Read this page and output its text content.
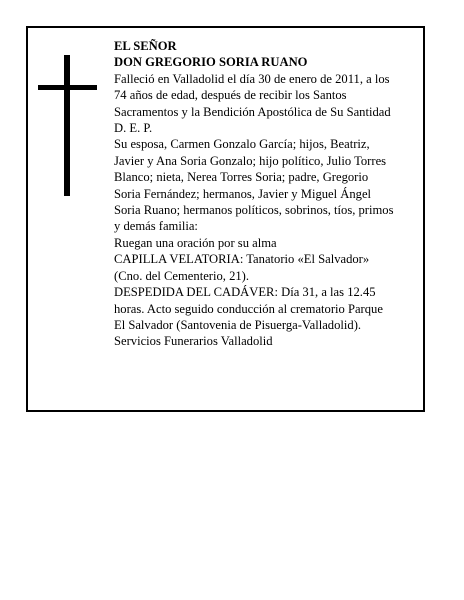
EL SEÑOR
DON GREGORIO SORIA RUANO
Falleció en Valladolid el día 30 de enero de 2011, a los
74 años de edad, después de recibir los Santos
Sacramentos y la Bendición Apostólica de Su Santidad
D. E. P.
Su esposa, Carmen Gonzalo García; hijos, Beatriz,
Javier y Ana Soria Gonzalo; hijo político, Julio Torres
Blanco; nieta, Nerea Torres Soria; padre, Gregorio
Soria Fernández; hermanos, Javier y Miguel Ángel
Soria Ruano; hermanos políticos, sobrinos, tíos, primos
y demás familia:
Ruegan una oración por su alma
CAPILLA VELATORIA: Tanatorio «El Salvador»
(Cno. del Cementerio, 21).
DESPEDIDA DEL CADÁVER: Día 31, a las 12.45
horas. Acto seguido conducción al crematorio Parque
El Salvador (Santovenia de Pisuerga-Valladolid).
Servicios Funerarios Valladolid
